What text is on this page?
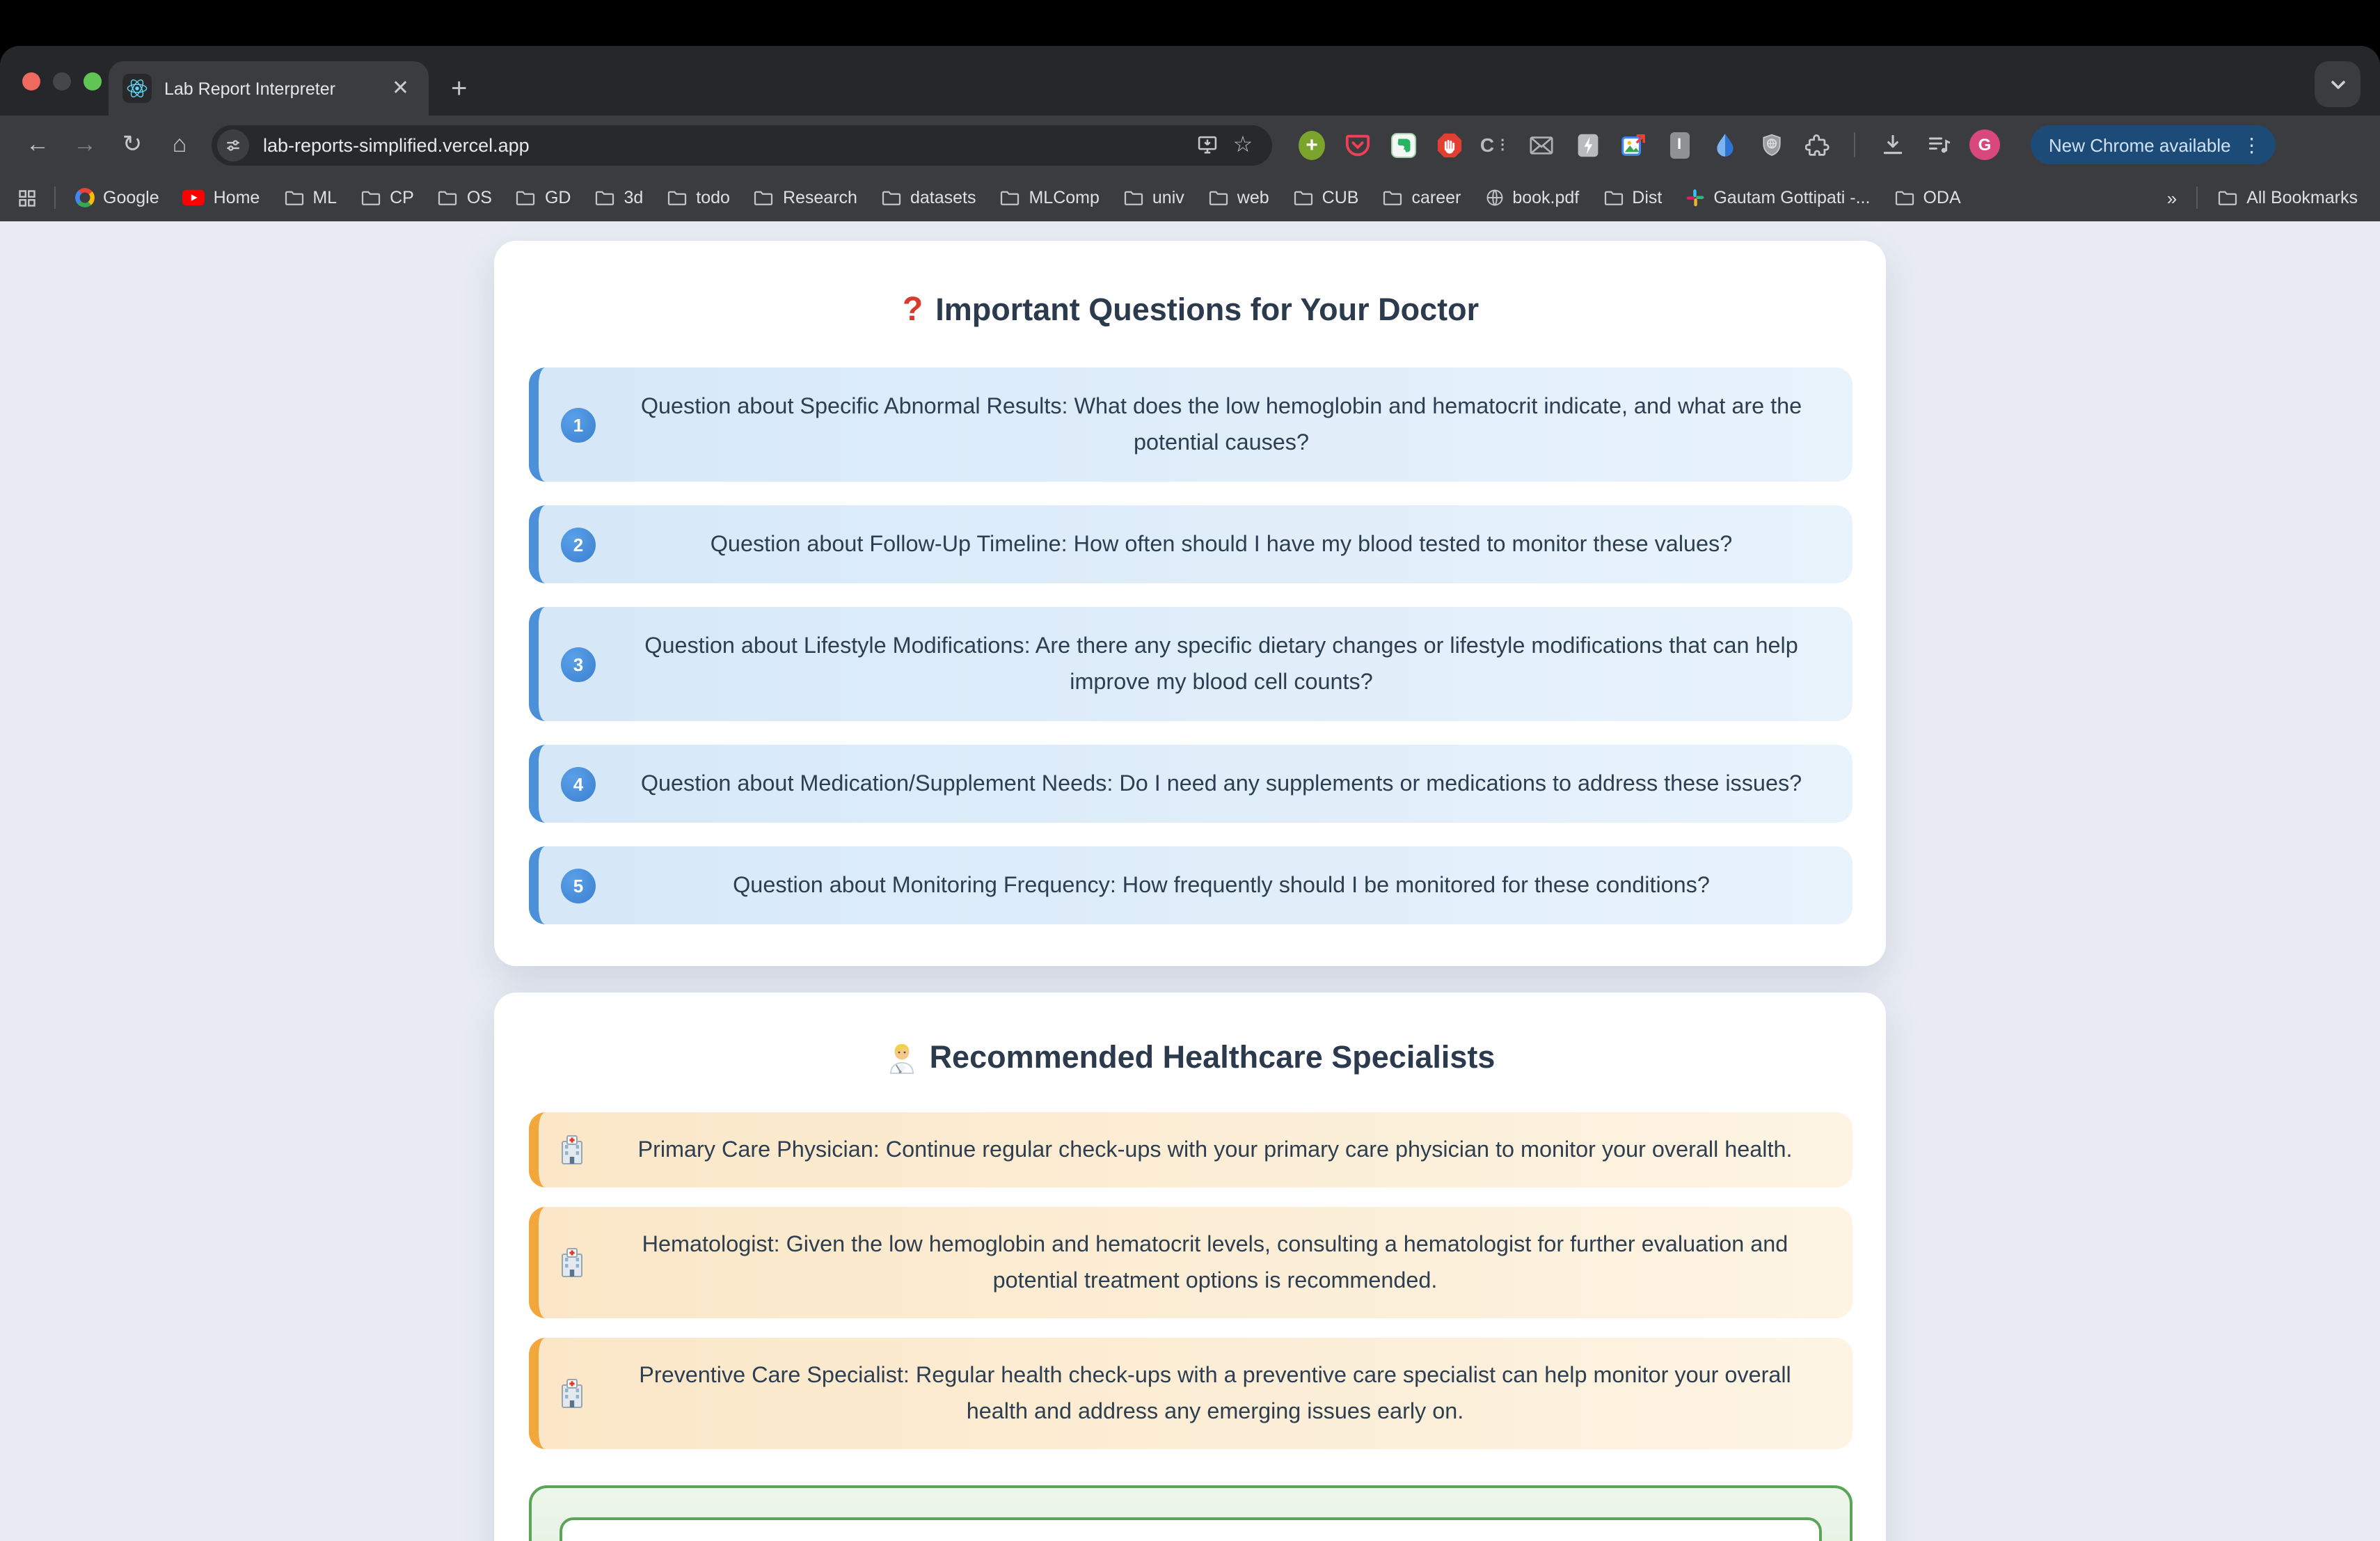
Lab Report Interpreter	✕	+
←	→	↻	⌂	lab-reports-simplified.vercel.app	☆	+	C ⋮	I	G	New Chrome available ⋮
Google	Home	ML	CP	OS	GD	3d	todo	Research	datasets	MLComp	univ	web	CUB	career	book.pdf	Dist	Gautam Gottipati -...	ODA	»	All Bookmarks
? Important Questions for Your Doctor
1
Question about Specific Abnormal Results: What does the low hemoglobin and hematocrit indicate, and what are the potential causes?
2	Question about Follow-Up Timeline: How often should I have my blood tested to monitor these values?
3
Question about Lifestyle Modifications: Are there any specific dietary changes or lifestyle modifications that can help improve my blood cell counts?
4	Question about Medication/Supplement Needs: Do I need any supplements or medications to address these issues?
5	Question about Monitoring Frequency: How frequently should I be monitored for these conditions?
Recommended Healthcare Specialists
Primary Care Physician: Continue regular check-ups with your primary care physician to monitor your overall health.
Hematologist: Given the low hemoglobin and hematocrit levels, consulting a hematologist for further evaluation and potential treatment options is recommended.
Preventive Care Specialist: Regular health check-ups with a preventive care specialist can help monitor your overall health and address any emerging issues early on.
